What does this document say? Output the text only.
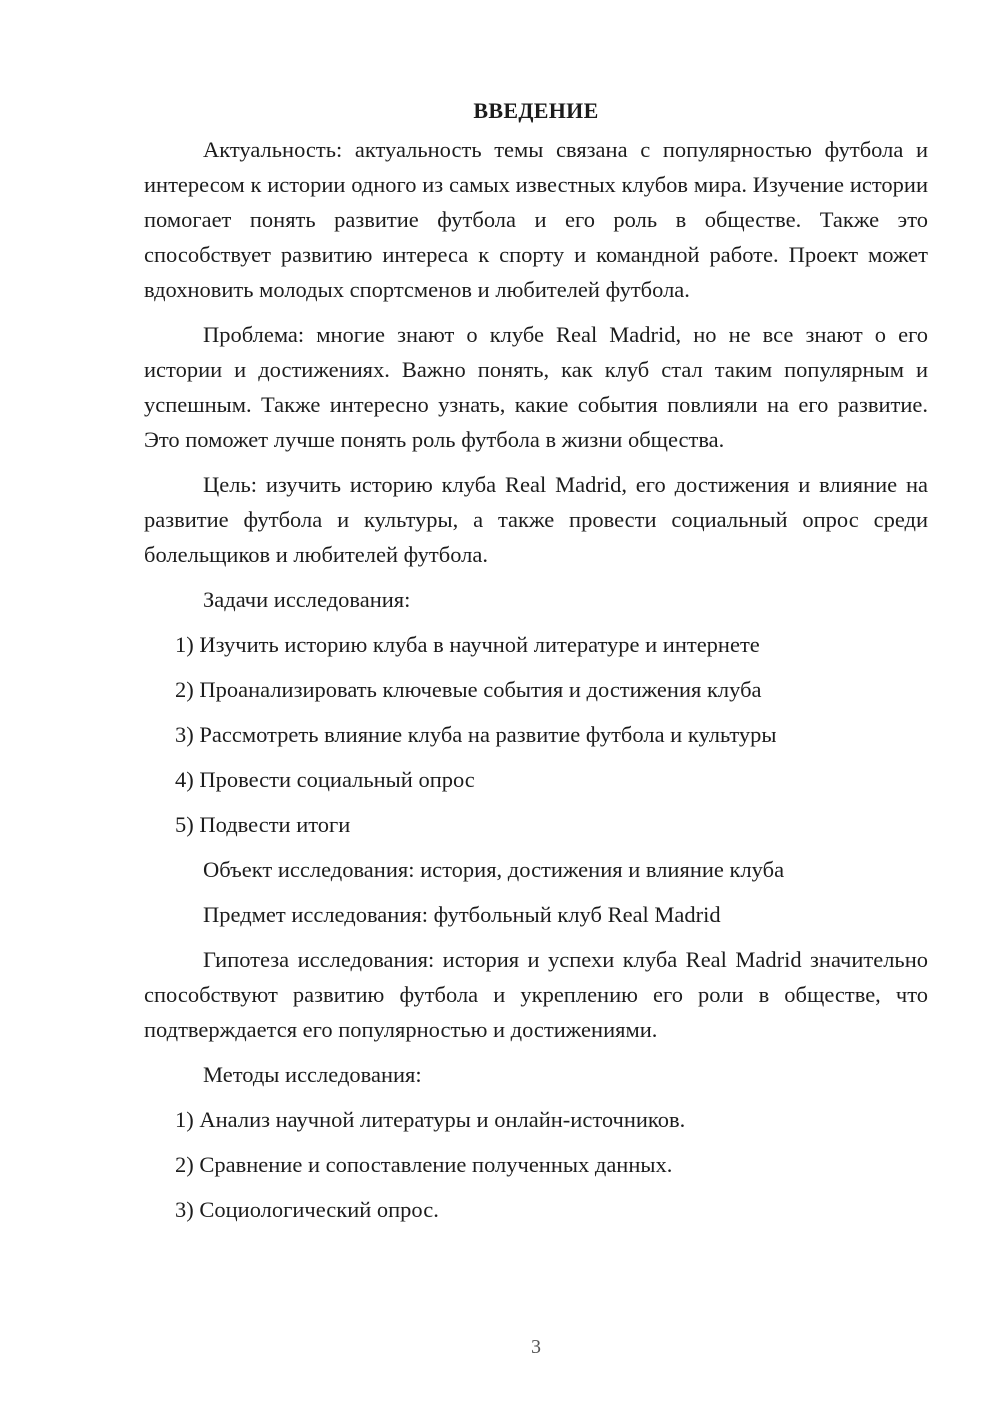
ВВЕДЕНИЕ

Актуальность: актуальность темы связана с популярностью футбола и интересом к истории одного из самых известных клубов мира. Изучение истории помогает понять развитие футбола и его роль в обществе. Также это способствует развитию интереса к спорту и командной работе. Проект может вдохновить молодых спортсменов и любителей футбола.

Проблема: многие знают о клубе Real Madrid, но не все знают о его истории и достижениях. Важно понять, как клуб стал таким популярным и успешным. Также интересно узнать, какие события повлияли на его развитие. Это поможет лучше понять роль футбола в жизни общества.

Цель: изучить историю клуба Real Madrid, его достижения и влияние на развитие футбола и культуры, а также провести социальный опрос среди болельщиков и любителей футбола.

Задачи исследования:
1) Изучить историю клуба в научной литературе и интернете
2) Проанализировать ключевые события и достижения клуба
3) Рассмотреть влияние клуба на развитие футбола и культуры
4) Провести социальный опрос
5) Подвести итоги
Объект исследования: история, достижения и влияние клуба
Предмет исследования: футбольный клуб Real Madrid

Гипотеза исследования: история и успехи клуба Real Madrid значительно способствуют развитию футбола и укреплению его роли в обществе, что подтверждается его популярностью и достижениями.

Методы исследования:
1) Анализ научной литературы и онлайн-источников.
2) Сравнение и сопоставление полученных данных.
3) Социологический опрос.
3
